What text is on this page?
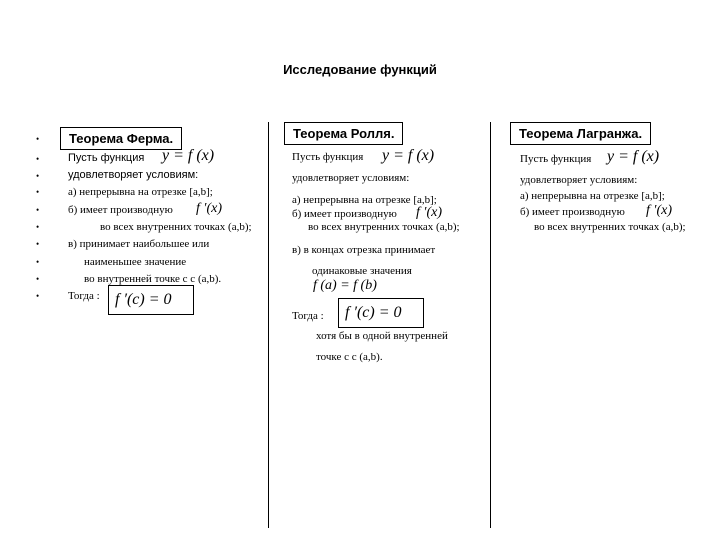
Исследование функций
•
•
•
•
•
•
•
•
•
•
Теорема Ферма.
Пусть функция y = f (x)
удовлетворяет условиям:
а) непрерывна на отрезке [a,b];
б) имеет производную f ′(x)
во всех внутренних точках (a,b);
в) принимает наибольшее или
наименьшее значение
во внутренней точке c c (a,b).
Тогда : f ′(c) = 0
Теорема Ролля.
Пусть функция y = f (x)
удовлетворяет условиям:
а) непрерывна на отрезке [a,b];
б) имеет производную f ′(x)
во всех внутренних точках (a,b);
в) в концах отрезка принимает
одинаковые значения
f (a) = f (b)
Тогда :	f ′(c) = 0
хотя бы в одной внутренней
точке c c (a,b).
Теорема Лагранжа.
Пусть функция y = f (x)
удовлетворяет условиям:
а) непрерывна на отрезке [a,b];
б) имеет производную f ′(x)
во всех внутренних точках (a,b);
